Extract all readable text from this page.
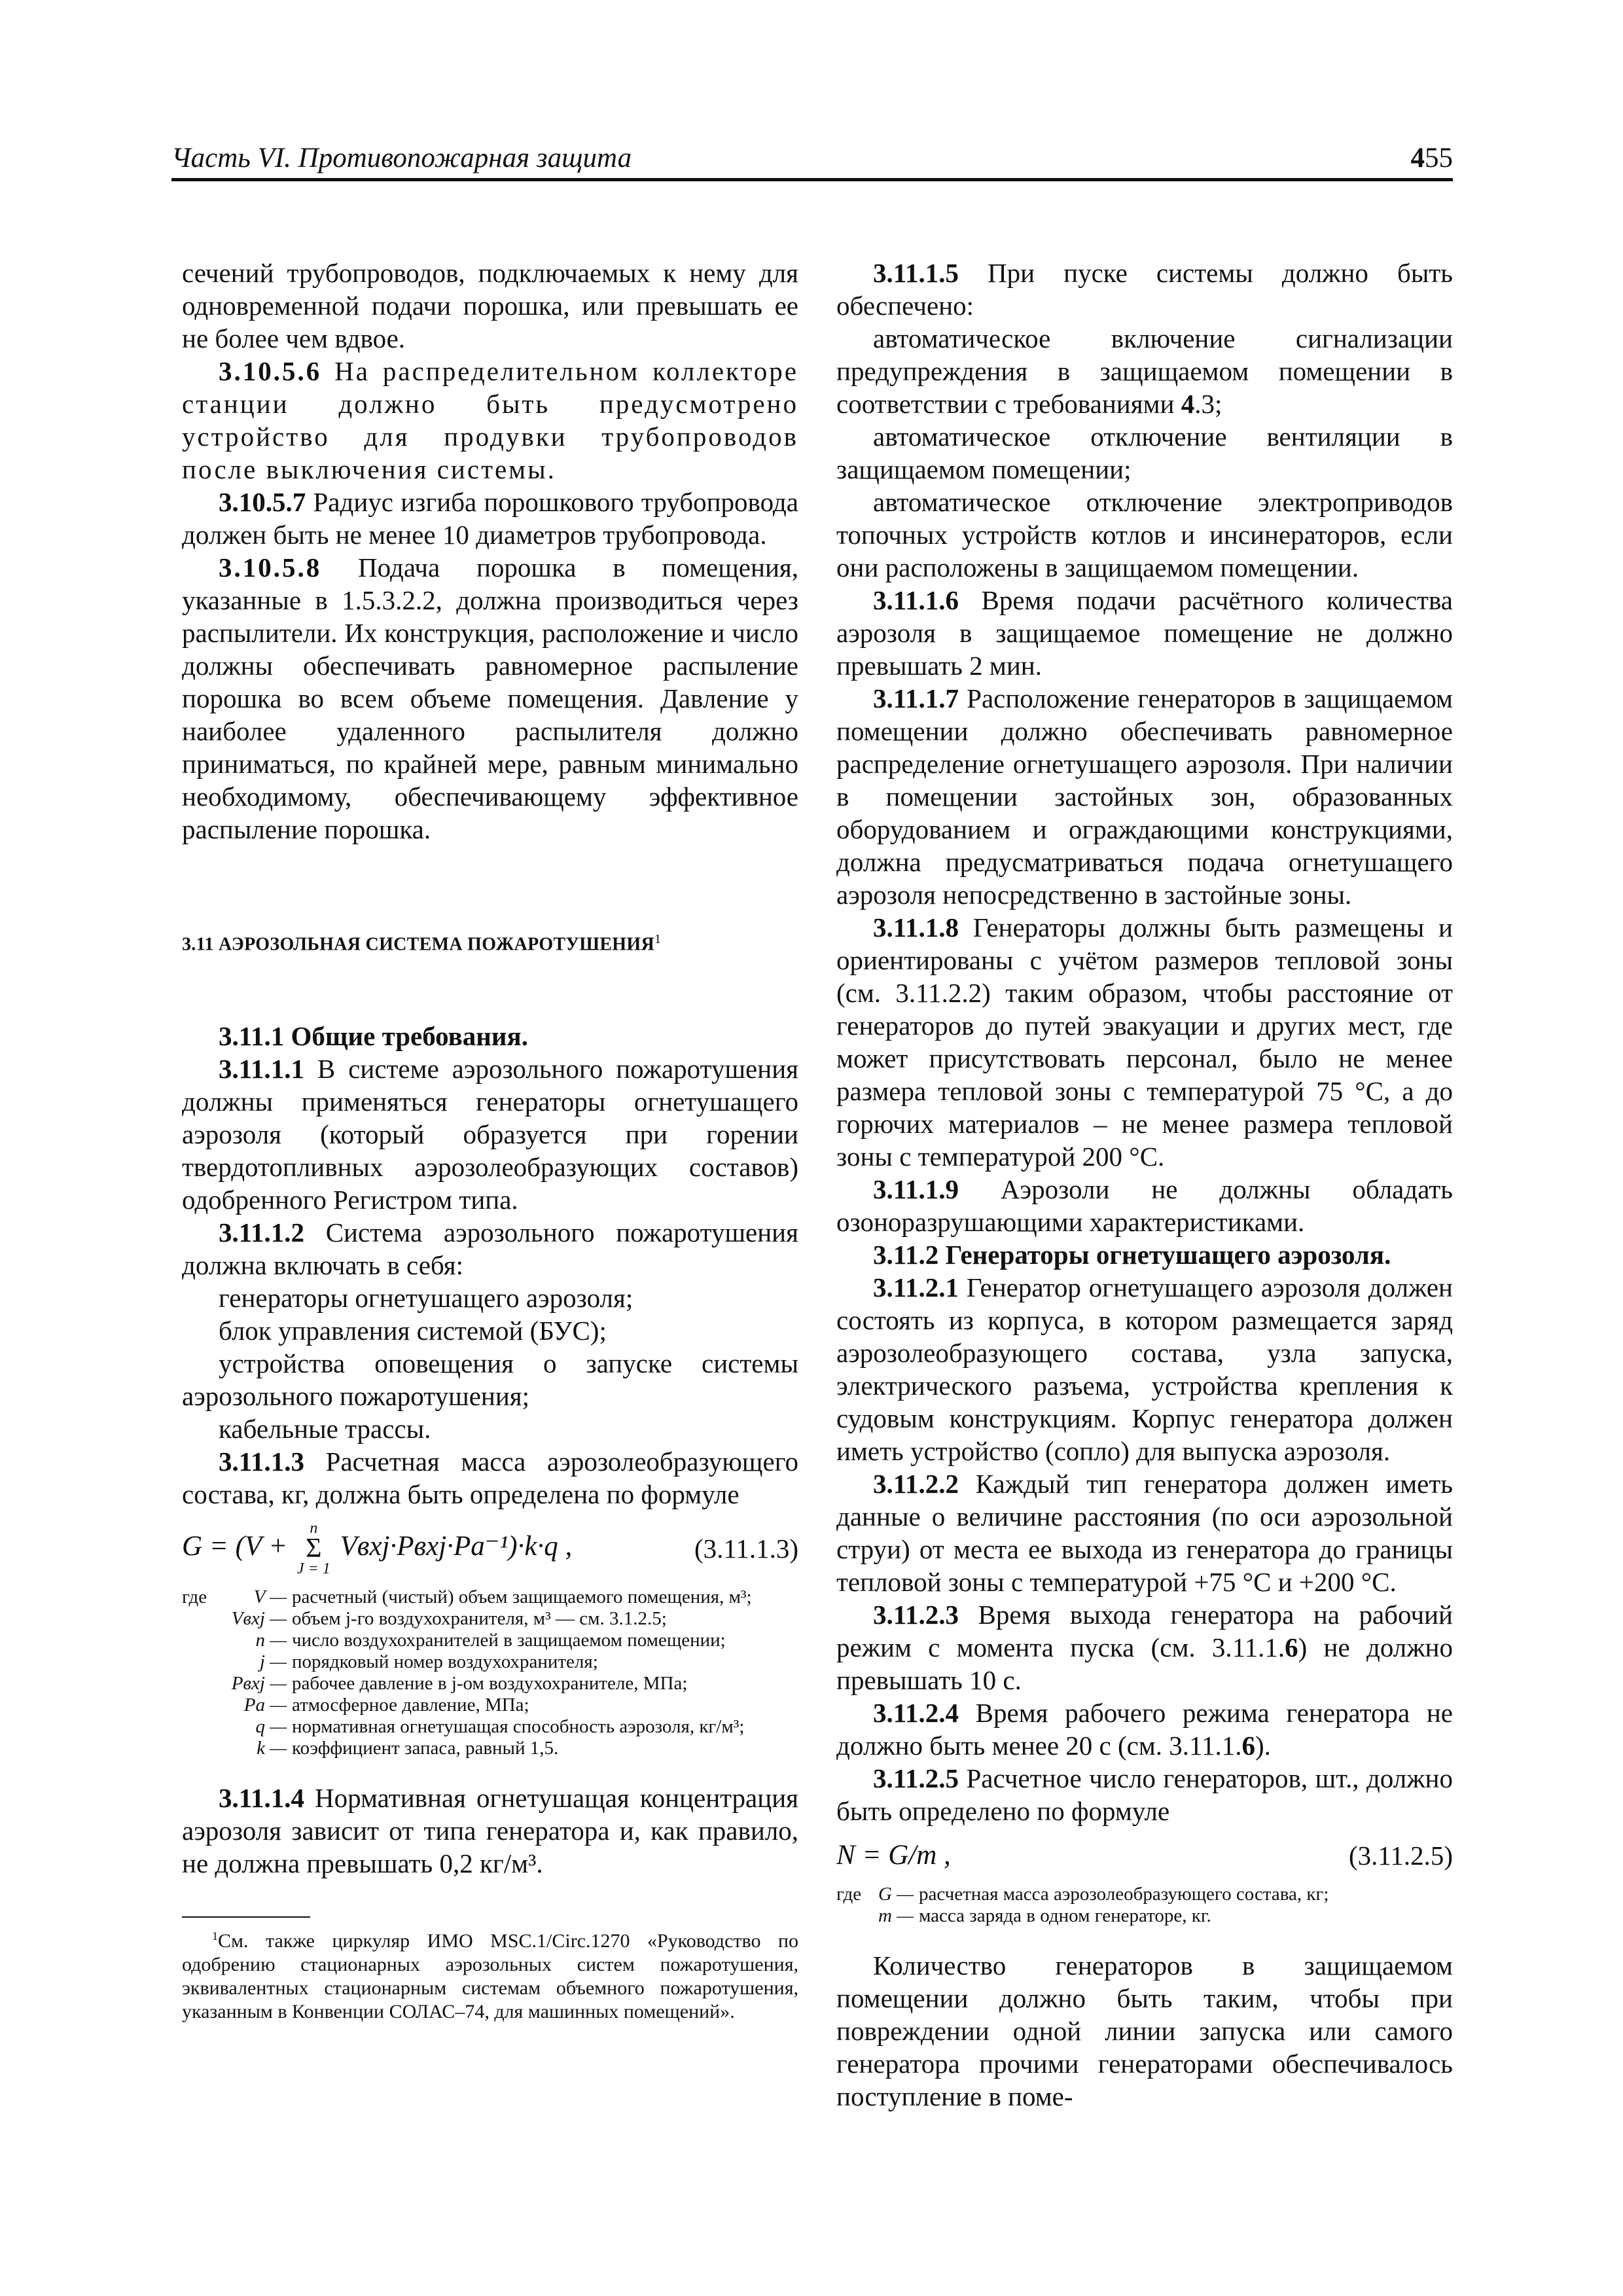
Часть VI. Противопожарная защита	455

сечений трубопроводов, подключаемых к нему для одновременной подачи порошка, или превышать ее не более чем вдвое.

3.10.5.6 На распределительном коллекторе станции должно быть предусмотрено устройство для продувки трубопроводов после выключения системы.

3.10.5.7 Радиус изгиба порошкового трубопровода должен быть не менее 10 диаметров трубопровода.

3.10.5.8 Подача порошка в помещения, указанные в 1.5.3.2.2, должна производиться через распылители. Их конструкция, расположение и число должны обеспечивать равномерное распыление порошка во всем объеме помещения. Давление у наиболее удаленного распылителя должно приниматься, по крайней мере, равным минимально необходимому, обеспечивающему эффективное распыление порошка.

3.11 АЭРОЗОЛЬНАЯ СИСТЕМА ПОЖАРОТУШЕНИЯ$^1$

3.11.1 Общие требования.

3.11.1.1 В системе аэрозольного пожаротушения должны применяться генераторы огнетушащего аэрозоля (который образуется при горении твердотопливных аэрозолеобразующих составов) одобренного Регистром типа.

3.11.1.2 Система аэрозольного пожаротушения должна включать в себя:

генераторы огнетушащего аэрозоля;

блок управления системой (БУС);

устройства оповещения о запуске системы аэрозольного пожаротушения;

кабельные трассы.

3.11.1.3 Расчетная масса аэрозолеобразующего состава, кг, должна быть определена по формуле

G = (V +
n
Σ
J = 1
Vвхj·Pвхj·Pa⁻¹)·k·q ,	(3.11.1.3)
где	V — расчетный (чистый) объем защищаемого помещения, м³;
Vвхj — объем j-го воздухохранителя, м³ — см. 3.1.2.5;
n — число воздухохранителей в защищаемом помещении;
j — порядковый номер воздухохранителя;
Pвхj — рабочее давление в j-ом воздухохранителе, МПа;
Pa — атмосферное давление, МПа;
q — нормативная огнетушащая способность аэрозоля, кг/м³;
k — коэффициент запаса, равный 1,5.

3.11.1.4 Нормативная огнетушащая концентрация аэрозоля зависит от типа генератора и, как правило, не должна превышать 0,2 кг/м³.

$^1$См. также циркуляр ИМО MSC.1/Circ.1270 «Руководство по одобрению стационарных аэрозольных систем пожаротушения, эквивалентных стационарным системам объемного пожаротушения, указанным в Конвенции СОЛАС–74, для машинных помещений».

3.11.1.5 При пуске системы должно быть обеспечено:

автоматическое включение сигнализации предупреждения в защищаемом помещении в соответствии с требованиями 4.3;

автоматическое отключение вентиляции в защищаемом помещении;

автоматическое отключение электроприводов топочных устройств котлов и инсинераторов, если они расположены в защищаемом помещении.

3.11.1.6 Время подачи расчётного количества аэрозоля в защищаемое помещение не должно превышать 2 мин.

3.11.1.7 Расположение генераторов в защищаемом помещении должно обеспечивать равномерное распределение огнетушащего аэрозоля. При наличии в помещении застойных зон, образованных оборудованием и ограждающими конструкциями, должна предусматриваться подача огнетушащего аэрозоля непосредственно в застойные зоны.

3.11.1.8 Генераторы должны быть размещены и ориентированы с учётом размеров тепловой зоны (см. 3.11.2.2) таким образом, чтобы расстояние от генераторов до путей эвакуации и других мест, где может присутствовать персонал, было не менее размера тепловой зоны с температурой 75 °С, а до горючих материалов – не менее размера тепловой зоны с температурой 200 °С.

3.11.1.9 Аэрозоли не должны обладать озоноразрушающими характеристиками.

3.11.2 Генераторы огнетушащего аэрозоля.

3.11.2.1 Генератор огнетушащего аэрозоля должен состоять из корпуса, в котором размещается заряд аэрозолеобразующего состава, узла запуска, электрического разъема, устройства крепления к судовым конструкциям. Корпус генератора должен иметь устройство (сопло) для выпуска аэрозоля.

3.11.2.2 Каждый тип генератора должен иметь данные о величине расстояния (по оси аэрозольной струи) от места ее выхода из генератора до границы тепловой зоны с температурой +75 °С и +200 °С.

3.11.2.3 Время выхода генератора на рабочий режим с момента пуска (см. 3.11.1.6) не должно превышать 10 с.

3.11.2.4 Время рабочего режима генератора не должно быть менее 20 с (см. 3.11.1.6).

3.11.2.5 Расчетное число генераторов, шт., должно быть определено по формуле

N = G/m ,	(3.11.2.5)
где G — расчетная масса аэрозолеобразующего состава, кг;
m — масса заряда в одном генераторе, кг.

Количество генераторов в защищаемом помещении должно быть таким, чтобы при повреждении одной линии запуска или самого генератора прочими генераторами обеспечивалось поступление в поме-
